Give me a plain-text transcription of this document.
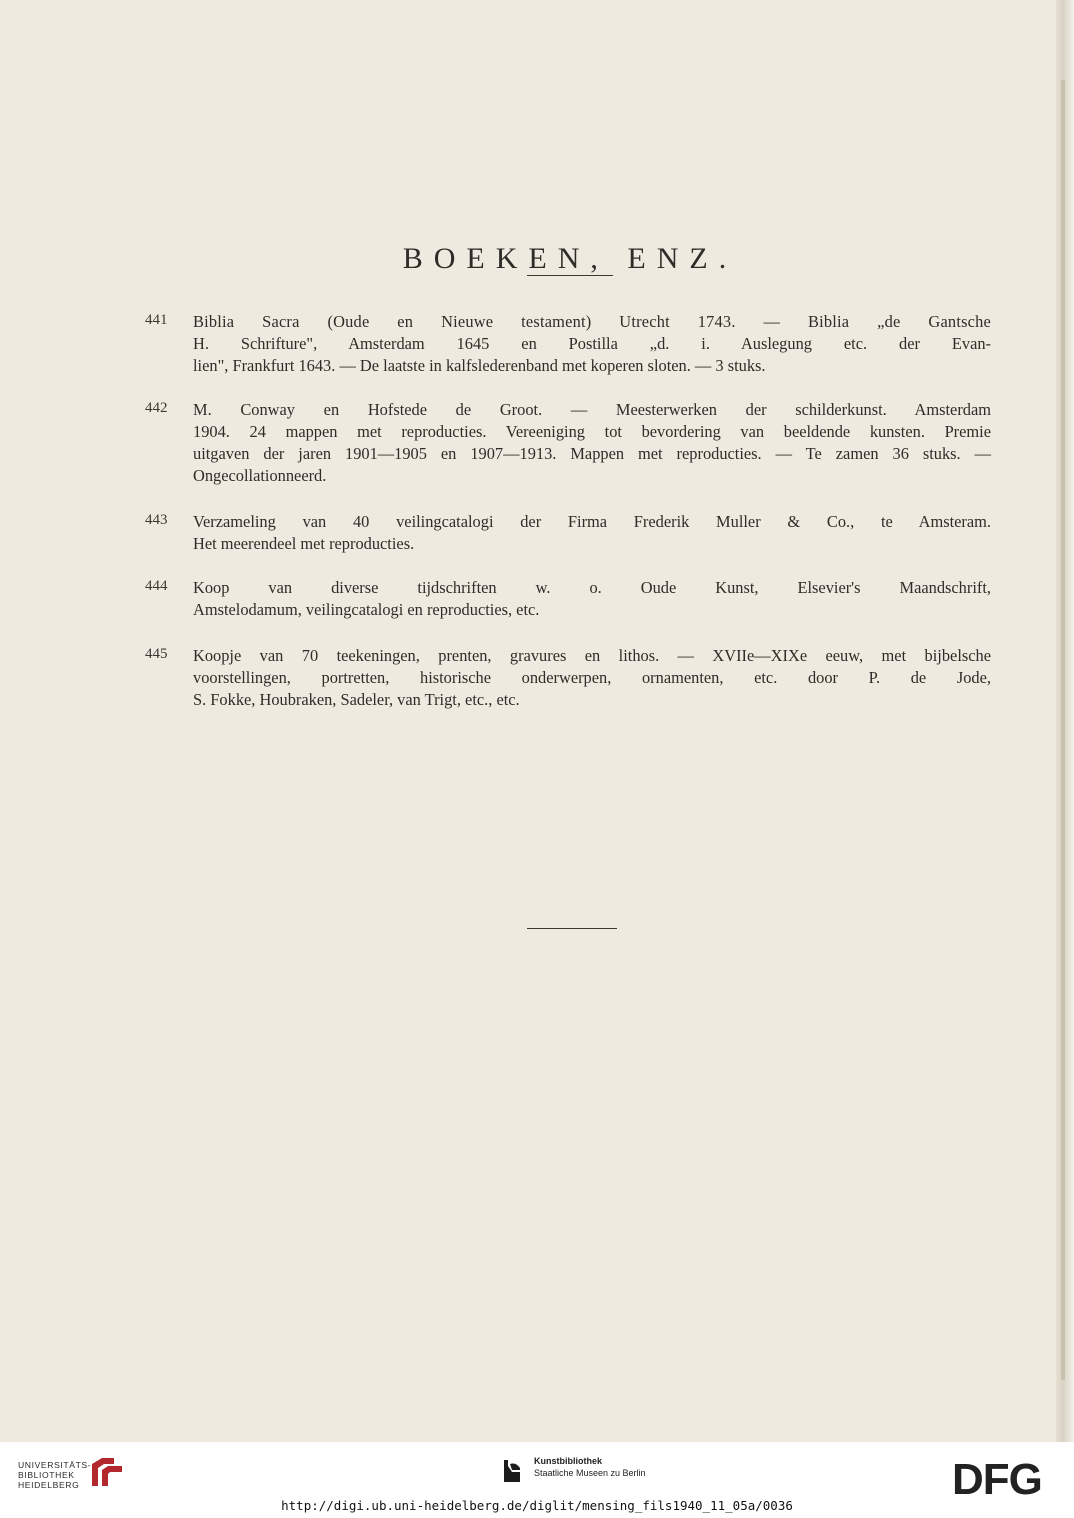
BOEKEN, ENZ.
441 Biblia Sacra (Oude en Nieuwe testament) Utrecht 1743. — Biblia „de Gantsche
H. Schrifture", Amsterdam 1645 en Postilla „d. i. Auslegung etc. der Evan-
lien", Frankfurt 1643. — De laatste in kalfslederenband met koperen sloten. — 3 stuks.
442 M. Conway en Hofstede de Groot. — Meesterwerken der schilderkunst. Amsterdam
1904. 24 mappen met reproducties. Vereeniging tot bevordering van beeldende kunsten. Premie
uitgaven der jaren 1901—1905 en 1907—1913. Mappen met reproducties. — Te zamen 36 stuks. —
Ongecollationneerd.
443 Verzameling van 40 veilingcatalogi der Firma Frederik Muller & Co., te Amsteram.
Het meerendeel met reproducties.
444 Koop van diverse tijdschriften w. o. Oude Kunst, Elsevier's Maandschrift,
Amstelodamum, veilingcatalogi en reproducties, etc.
445 Koopje van 70 teekeningen, prenten, gravures en lithos. — XVIIe—XIXe eeuw, met bijbelsche
voorstellingen, portretten, historische onderwerpen, ornamenten, etc. door P. de Jode,
S. Fokke, Houbraken, Sadeler, van Trigt, etc., etc.
UNIVERSITÄTS-
BIBLIOTHEK
HEIDELBERG
Kunstbibliothek
Staatliche Museen zu Berlin	DFG
http://digi.ub.uni-heidelberg.de/diglit/mensing_fils1940_11_05a/0036
